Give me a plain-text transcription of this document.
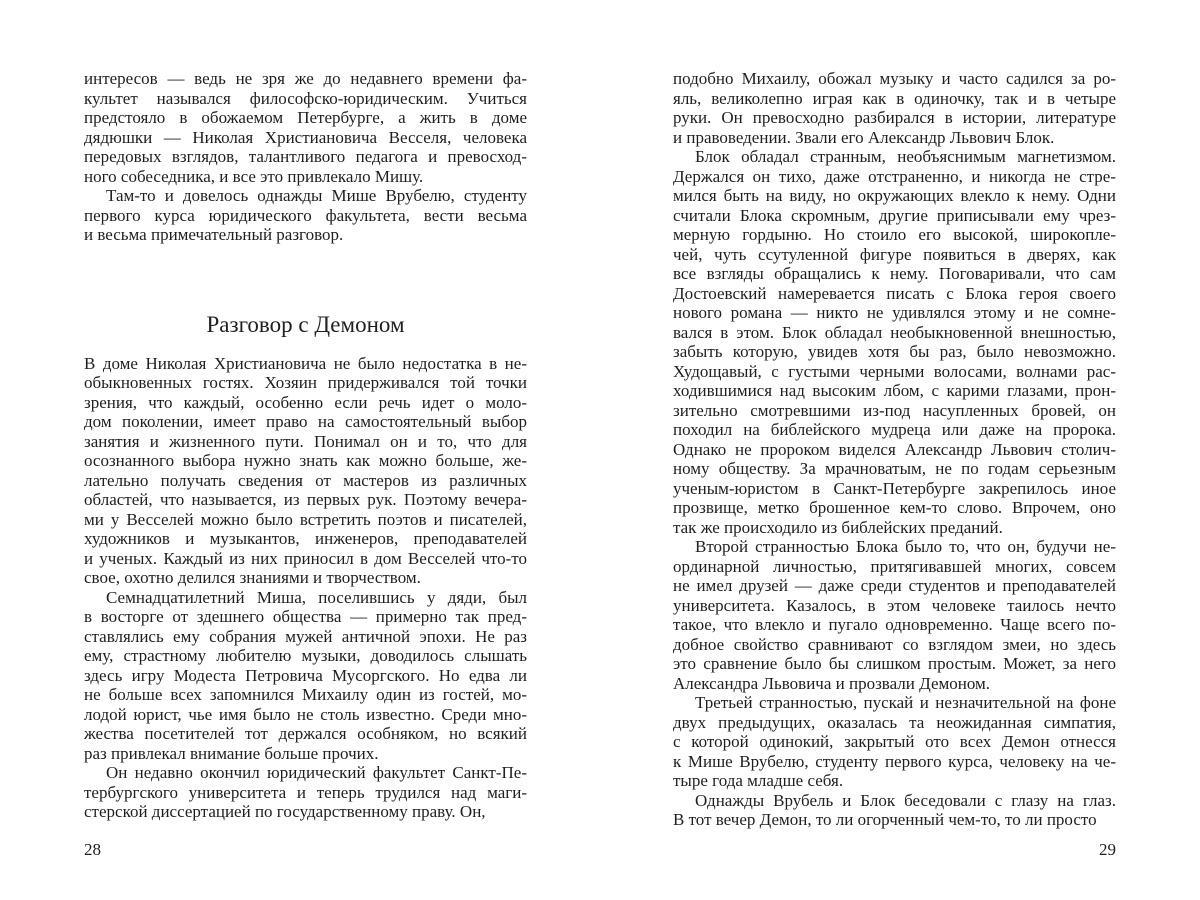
интересов — ведь не зря же до недавнего времени фа-
культет назывался философско-юридическим. Учиться
предстояло в обожаемом Петербурге, а жить в доме
дядюшки — Николая Христиановича Весселя, человека
передовых взглядов, талантливого педагога и превосход-
ного собеседника, и все это привлекало Мишу.
Там-то и довелось однажды Мише Врубелю, студенту
первого курса юридического факультета, вести весьма
и весьма примечательный разговор.
Разговор с Демоном
В доме Николая Христиановича не было недостатка в не-
обыкновенных гостях. Хозяин придерживался той точки
зрения, что каждый, особенно если речь идет о моло-
дом поколении, имеет право на самостоятельный выбор
занятия и жизненного пути. Понимал он и то, что для
осознанного выбора нужно знать как можно больше, же-
лательно получать сведения от мастеров из различных
областей, что называется, из первых рук. Поэтому вечера-
ми у Весселей можно было встретить поэтов и писателей,
художников и музыкантов, инженеров, преподавателей
и ученых. Каждый из них приносил в дом Весселей что-то
свое, охотно делился знаниями и творчеством.
Семнадцатилетний Миша, поселившись у дяди, был
в восторге от здешнего общества — примерно так пред-
ставлялись ему собрания мужей античной эпохи. Не раз
ему, страстному любителю музыки, доводилось слышать
здесь игру Модеста Петровича Мусоргского. Но едва ли
не больше всех запомнился Михаилу один из гостей, мо-
лодой юрист, чье имя было не столь известно. Среди мно-
жества посетителей тот держался особняком, но всякий
раз привлекал внимание больше прочих.
Он недавно окончил юридический факультет Санкт-Пе-
тербургского университета и теперь трудился над маги-
стерской диссертацией по государственному праву. Он,
28
подобно Михаилу, обожал музыку и часто садился за ро-
яль, великолепно играя как в одиночку, так и в четыре
руки. Он превосходно разбирался в истории, литературе
и правоведении. Звали его Александр Львович Блок.
Блок обладал странным, необъяснимым магнетизмом.
Держался он тихо, даже отстраненно, и никогда не стре-
мился быть на виду, но окружающих влекло к нему. Одни
считали Блока скромным, другие приписывали ему чрез-
мерную гордыню. Но стоило его высокой, широкопле-
чей, чуть ссутуленной фигуре появиться в дверях, как
все взгляды обращались к нему. Поговаривали, что сам
Достоевский намеревается писать с Блока героя своего
нового романа — никто не удивлялся этому и не сомне-
вался в этом. Блок обладал необыкновенной внешностью,
забыть которую, увидев хотя бы раз, было невозможно.
Худощавый, с густыми черными волосами, волнами рас-
ходившимися над высоким лбом, с карими глазами, прон-
зительно смотревшими из-под насупленных бровей, он
походил на библейского мудреца или даже на пророка.
Однако не пророком виделся Александр Львович столич-
ному обществу. За мрачноватым, не по годам серьезным
ученым-юристом в Санкт-Петербурге закрепилось иное
прозвище, метко брошенное кем-то слово. Впрочем, оно
так же происходило из библейских преданий.
Второй странностью Блока было то, что он, будучи не-
ординарной личностью, притягивавшей многих, совсем
не имел друзей — даже среди студентов и преподавателей
университета. Казалось, в этом человеке таилось нечто
такое, что влекло и пугало одновременно. Чаще всего по-
добное свойство сравнивают со взглядом змеи, но здесь
это сравнение было бы слишком простым. Может, за него
Александра Львовича и прозвали Демоном.
Третьей странностью, пускай и незначительной на фоне
двух предыдущих, оказалась та неожиданная симпатия,
с которой одинокий, закрытый ото всех Демон отнесся
к Мише Врубелю, студенту первого курса, человеку на че-
тыре года младше себя.
Однажды Врубель и Блок беседовали с глазу на глаз.
В тот вечер Демон, то ли огорченный чем-то, то ли просто
29
